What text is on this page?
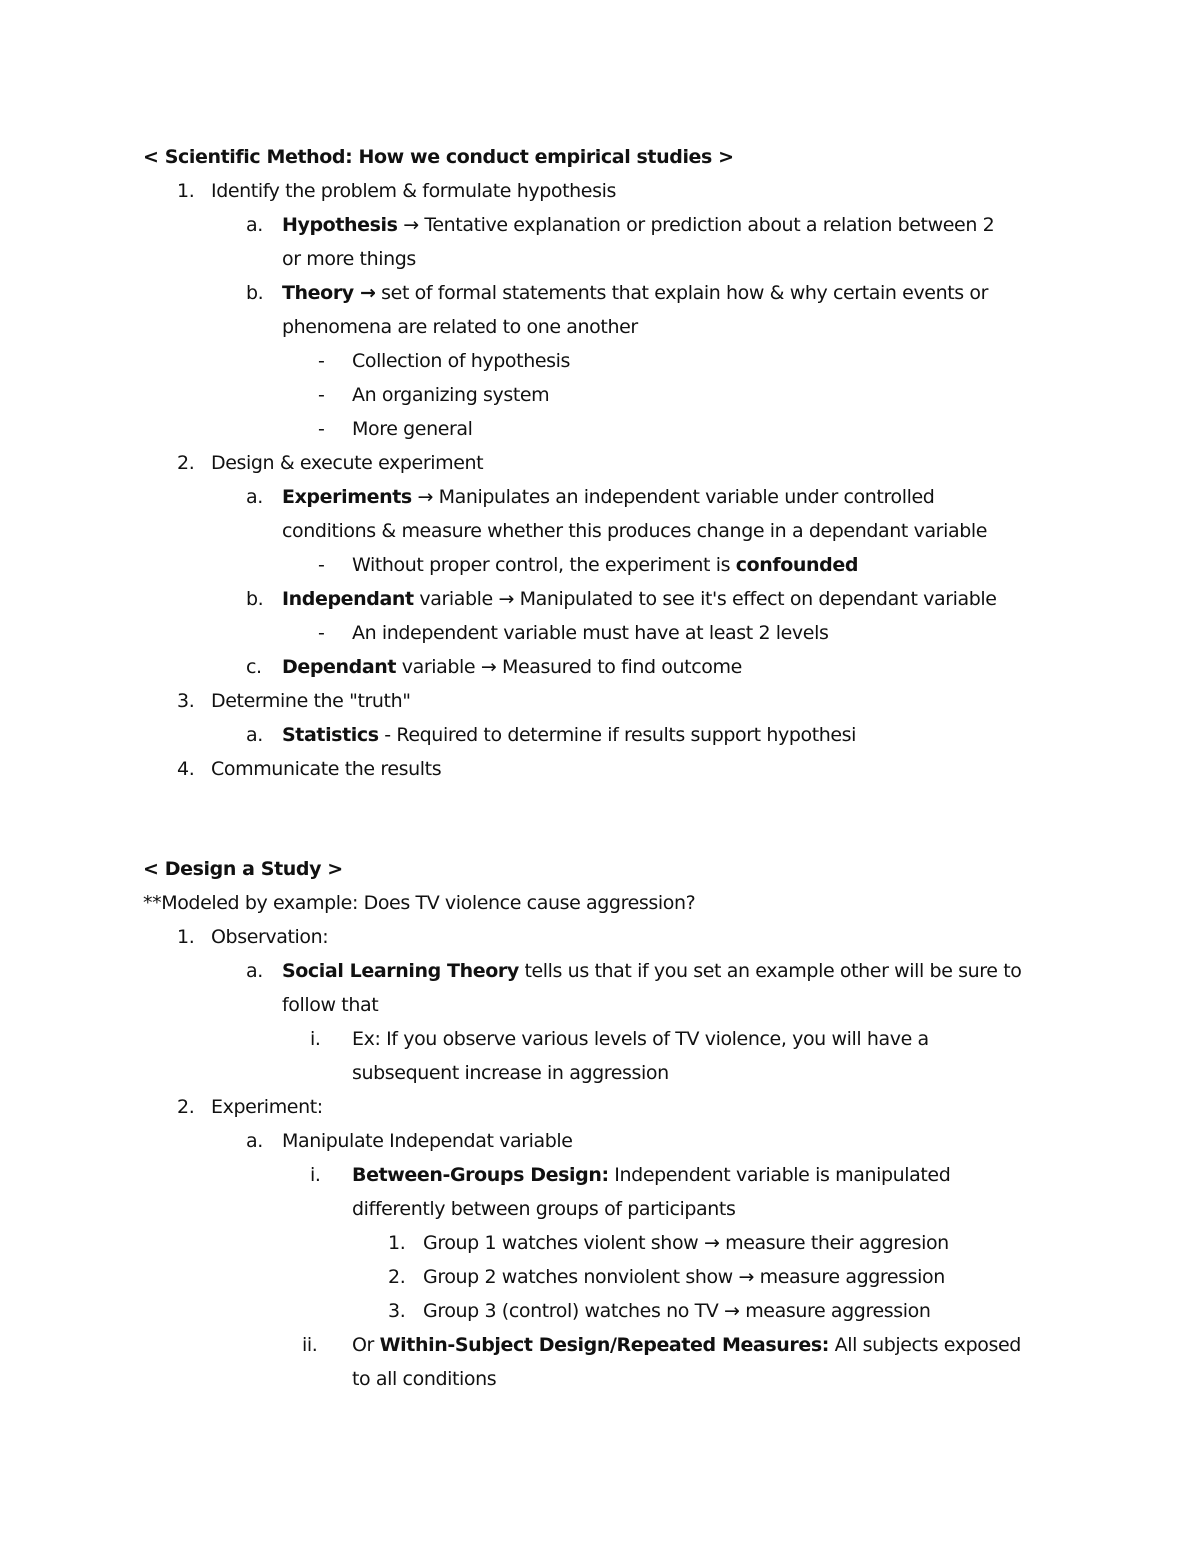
< Scientific Method: How we conduct empirical studies >
1. Identify the problem & formulate hypothesis
a. Hypothesis → Tentative explanation or prediction about a relation between 2
or more things
b. Theory → set of formal statements that explain how & why certain events or
phenomena are related to one another
- Collection of hypothesis
- An organizing system
- More general
2. Design & execute experiment
a. Experiments → Manipulates an independent variable under controlled
conditions & measure whether this produces change in a dependant variable
- Without proper control, the experiment is confounded
b. Independant variable → Manipulated to see it's effect on dependant variable
- An independent variable must have at least 2 levels
c. Dependant variable → Measured to find outcome
3. Determine the "truth"
a. Statistics - Required to determine if results support hypothesi
4. Communicate the results
< Design a Study >
**Modeled by example: Does TV violence cause aggression?
1. Observation:
a. Social Learning Theory tells us that if you set an example other will be sure to
follow that
i. Ex: If you observe various levels of TV violence, you will have a
subsequent increase in aggression
2. Experiment:
a. Manipulate Independat variable
i. Between-Groups Design: Independent variable is manipulated
differently between groups of participants
1. Group 1 watches violent show → measure their aggresion
2. Group 2 watches nonviolent show → measure aggression
3. Group 3 (control) watches no TV → measure aggression
ii. Or Within-Subject Design/Repeated Measures: All subjects exposed
to all conditions
